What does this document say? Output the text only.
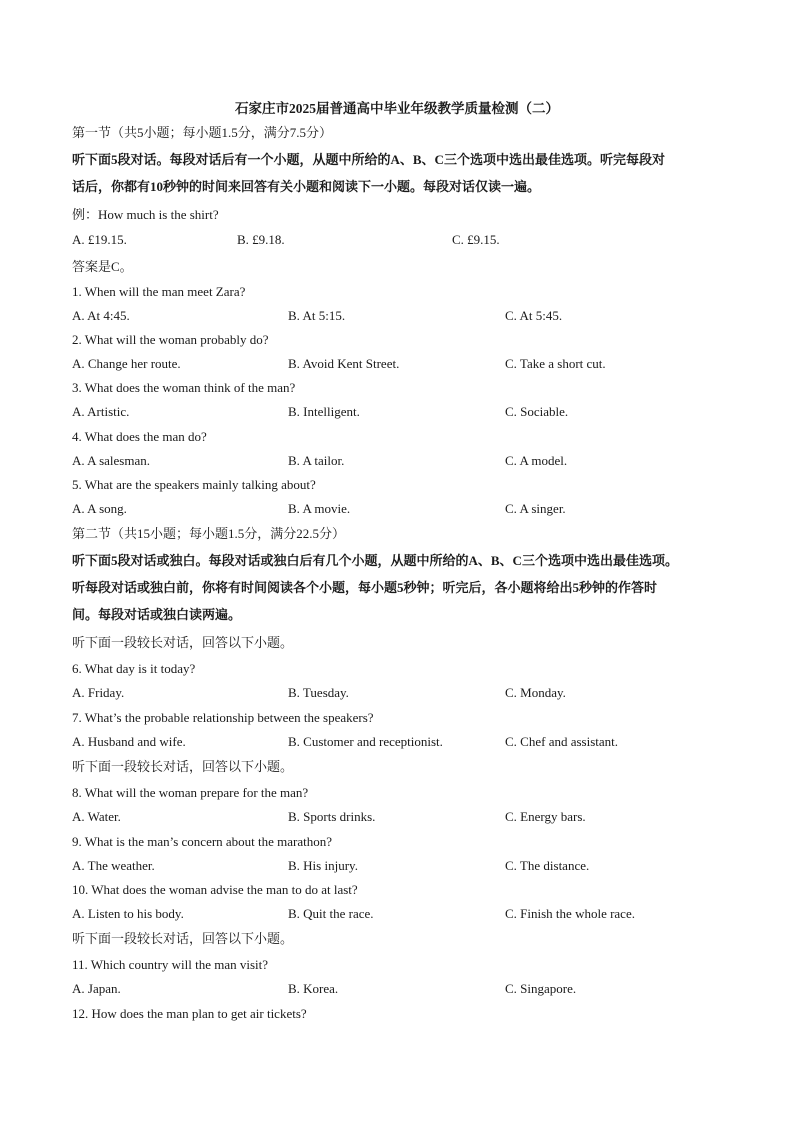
石家庄市2025届普通高中毕业年级教学质量检测（二）
第一节（共5小题；每小题1.5分，满分7.5分）
听下面5段对话。每段对话后有一个小题，从题中所给的A、B、C三个选项中选出最佳选项。听完每段对
话后，你都有10秒钟的时间来回答有关小题和阅读下一小题。每段对话仅读一遍。
例：How much is the shirt?
A. £19.15.	B. £9.18.	C. £9.15.
答案是C。
1. When will the man meet Zara?
A. At 4:45.	B. At 5:15.	C. At 5:45.
2. What will the woman probably do?
A. Change her route.	B. Avoid Kent Street.	C. Take a short cut.
3. What does the woman think of the man?
A. Artistic.	B. Intelligent.	C. Sociable.
4. What does the man do?
A. A salesman.	B. A tailor.	C. A model.
5. What are the speakers mainly talking about?
A. A song.	B. A movie.	C. A singer.
第二节（共15小题；每小题1.5分，满分22.5分）
听下面5段对话或独白。每段对话或独白后有几个小题，从题中所给的A、B、C三个选项中选出最佳选项。
听每段对话或独白前，你将有时间阅读各个小题，每小题5秒钟；听完后，各小题将给出5秒钟的作答时
间。每段对话或独白读两遍。
听下面一段较长对话，回答以下小题。
6. What day is it today?
A. Friday.	B. Tuesday.	C. Monday.
7. What’s the probable relationship between the speakers?
A. Husband and wife.	B. Customer and receptionist.	C. Chef and assistant.
听下面一段较长对话，回答以下小题。
8. What will the woman prepare for the man?
A. Water.	B. Sports drinks.	C. Energy bars.
9. What is the man’s concern about the marathon?
A. The weather.	B. His injury.	C. The distance.
10. What does the woman advise the man to do at last?
A. Listen to his body.	B. Quit the race.	C. Finish the whole race.
听下面一段较长对话，回答以下小题。
11. Which country will the man visit?
A. Japan.	B. Korea.	C. Singapore.
12. How does the man plan to get air tickets?
